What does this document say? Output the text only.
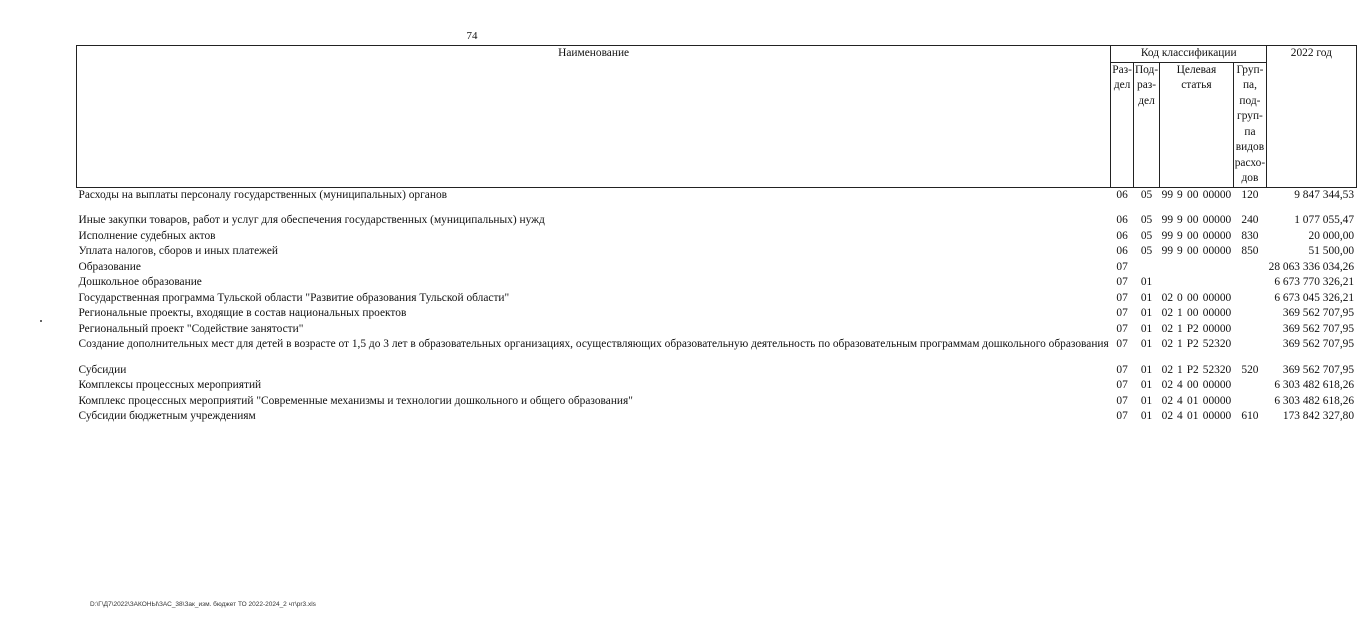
74
Наименование	Код классификации							2022 год
	Раз-дел	Под-раз-дел	Целевая статья				Груп-па, под-груп-па видов расхо-дов	
Расходы на выплаты персоналу государственных (муниципальных) органов	06	05	99	9	00	00000	120	9 847 344,53

Иные закупки товаров, работ и услуг для обеспечения государственных (муниципальных) нужд	06	05	99	9	00	00000	240	1 077 055,47
Исполнение судебных актов	06	05	99	9	00	00000	830	20 000,00
Уплата налогов, сборов и иных платежей	06	05	99	9	00	00000	850	51 500,00
Образование	07							28 063 336 034,26
Дошкольное образование	07	01						6 673 770 326,21
Государственная программа Тульской области "Развитие образования Тульской области"	07	01	02	0	00	00000		6 673 045 326,21
Региональные проекты, входящие в состав национальных проектов	07	01	02	1	00	00000		369 562 707,95
Региональный проект "Содействие занятости"	07	01	02	1	P2	00000		369 562 707,95
Создание дополнительных мест для детей в возрасте от 1,5 до 3 лет в образовательных организациях, осуществляющих образовательную деятельность по образовательным программам дошкольного образования	07	01	02	1	P2	52320		369 562 707,95

Субсидии	07	01	02	1	P2	52320	520	369 562 707,95
Комплексы процессных мероприятий	07	01	02	4	00	00000		6 303 482 618,26
Комплекс процессных мероприятий "Современные механизмы и технологии дошкольного и общего образования"	07	01	02	4	01	00000		6 303 482 618,26
Субсидии бюджетным учреждениям	07	01	02	4	01	00000	610	173 842 327,80
D:\Г\Д7\2022\ЗАКОНЫ\ЗАС_38\Зак_изм. бюджет ТО 2022-2024_2 чт\pr3.xls
